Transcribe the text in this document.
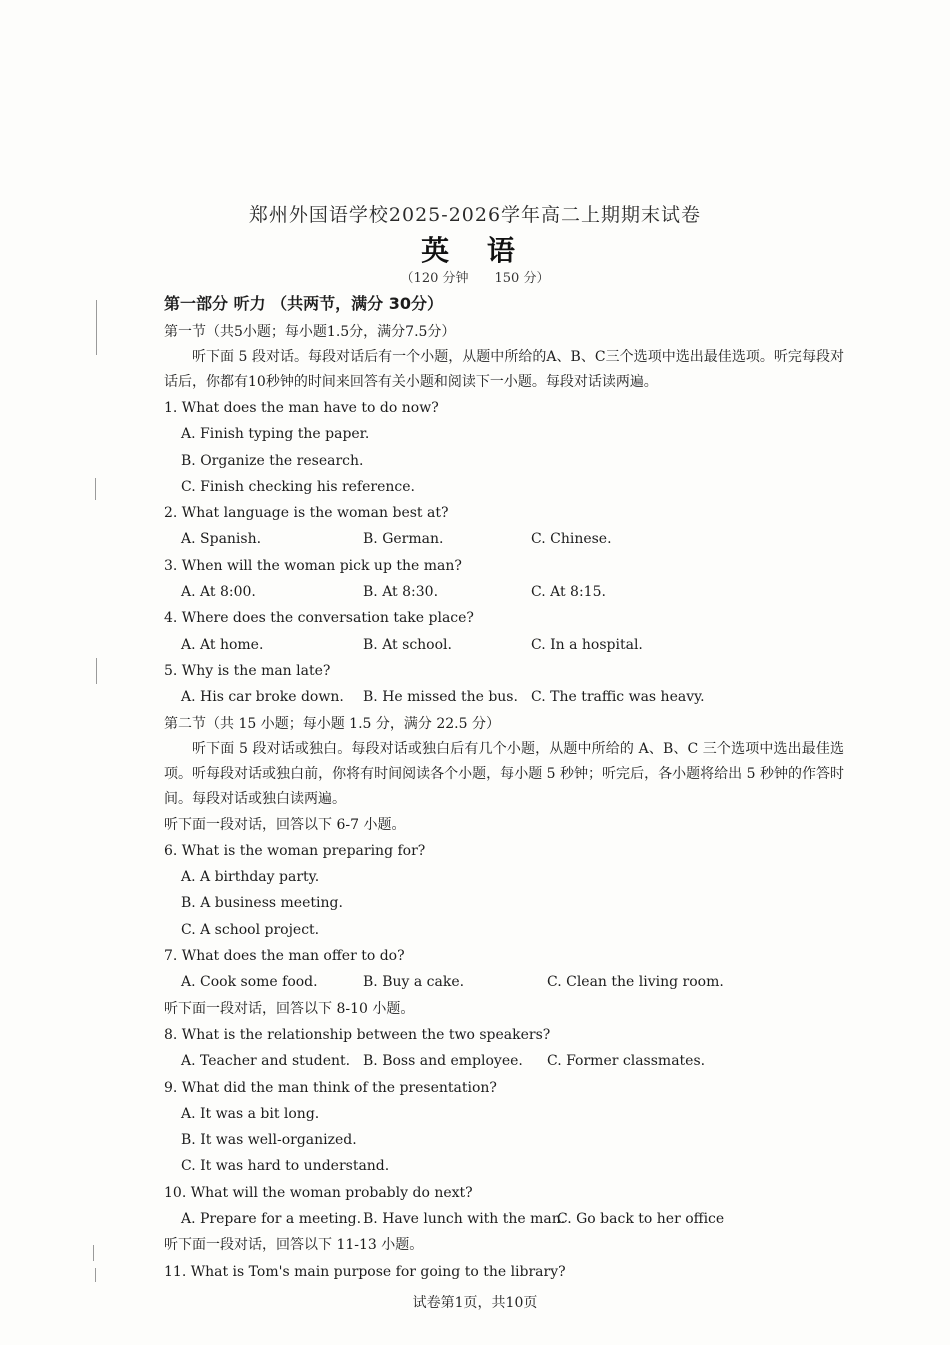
郑州外国语学校2025-2026学年高二上期期末试卷
英 语
（120 分钟　　150 分）
第一部分 听力 （共两节，满分 30分）
第一节（共5小题；每小题1.5分，满分7.5分）
听下面 5 段对话。每段对话后有一个小题，从题中所给的A、B、C三个选项中选出最佳选项。听完每段对话后，你都有10秒钟的时间来回答有关小题和阅读下一小题。每段对话读两遍。
1. What does the man have to do now?
A. Finish typing the paper.
B. Organize the research.
C. Finish checking his reference.
2. What language is the woman best at?
A. Spanish.	B. German.	C. Chinese.
3. When will the woman pick up the man?
A. At 8:00.	B. At 8:30.	C. At 8:15.
4. Where does the conversation take place?
A. At home.	B. At school.	C. In a hospital.
5. Why is the man late?
A. His car broke down.	B. He missed the bus. C. The traffic was heavy.
第二节（共 15 小题；每小题 1.5 分，满分 22.5 分）
听下面 5 段对话或独白。每段对话或独白后有几个小题，从题中所给的 A、B、C 三个选项中选出最佳选项。听每段对话或独白前，你将有时间阅读各个小题，每小题 5 秒钟；听完后，各小题将给出 5 秒钟的作答时间。每段对话或独白读两遍。
听下面一段对话，回答以下 6-7 小题。
6. What is the woman preparing for?
A. A birthday party.
B. A business meeting.
C. A school project.
7. What does the man offer to do?
A. Cook some food.	B. Buy a cake.	C. Clean the living room.
听下面一段对话，回答以下 8-10 小题。
8. What is the relationship between the two speakers?
A. Teacher and student. B. Boss and employee.	C. Former classmates.
9. What did the man think of the presentation?
A. It was a bit long.
B. It was well-organized.
C. It was hard to understand.
10. What will the woman probably do next?
A. Prepare for a meeting. B. Have lunch with the man.
C. Go back to her office
听下面一段对话，回答以下 11-13 小题。
11. What is Tom's main purpose for going to the library?
试卷第1页，共10页
